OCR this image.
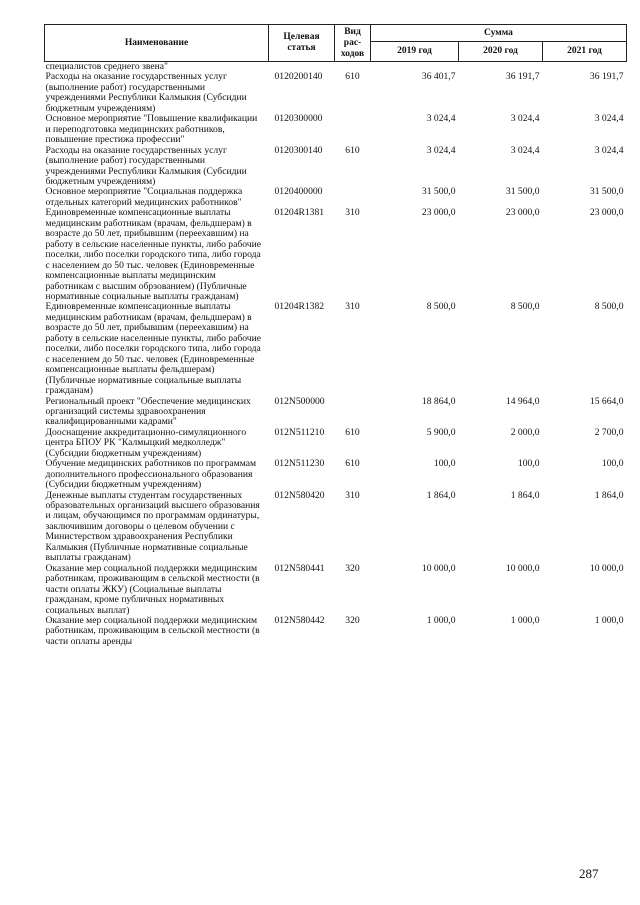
Наименование	Целевая статья	Вид рас-ходов	Сумма		
			2019 год	2020 год	2021 год
специалистов среднего звена"					
Расходы на оказание государственных услуг (выполнение работ) государственными учреждениями Республики Калмыкия (Субсидии бюджетным учреждениям)	0120200140	610	36 401,7	36 191,7	36 191,7
Основное мероприятие "Повышение квалификации и переподготовка медицинских работников, повышение престижа профессии"	0120300000		3 024,4	3 024,4	3 024,4
Расходы на оказание государственных услуг (выполнение работ) государственными учреждениями Республики Калмыкия (Субсидии бюджетным учреждениям)	0120300140	610	3 024,4	3 024,4	3 024,4
Основное мероприятие "Социальная поддержка отдельных категорий медицинских работников"	0120400000		31 500,0	31 500,0	31 500,0
Единовременные компенсационные выплаты медицинским работникам (врачам, фельдшерам) в возрасте до 50 лет, прибывшим (переехавшим) на работу в сельские населенные пункты, либо рабочие поселки, либо поселки городского типа, либо города с населением до 50 тыс. человек (Единовременные компенсационные выплаты медицинским работникам с высшим обрзованием) (Публичные нормативные социальные выплаты гражданам)	01204R1381	310	23 000,0	23 000,0	23 000,0
Единовременные компенсационные выплаты медицинским работникам (врачам, фельдшерам) в возрасте до 50 лет, прибывшим (переехавшим) на работу в сельские населенные пункты, либо рабочие поселки, либо поселки городского типа, либо города с населением до 50 тыс. человек (Единовременные компенсационные выплаты фельдшерам) (Публичные нормативные социальные выплаты гражданам)	01204R1382	310	8 500,0	8 500,0	8 500,0
Региональный проект "Обеспечение медицинских организаций системы здравоохранения квалифицированными кадрами"	012N500000		18 864,0	14 964,0	15 664,0
Дооснащение аккредитационно-симуляционного центра БПОУ РК "Калмыцкий медколледж" (Субсидии бюджетным учреждениям)	012N511210	610	5 900,0	2 000,0	2 700,0
Обучение медицинских работников по программам дополнительного профессионального образования (Субсидии бюджетным учреждениям)	012N511230	610	100,0	100,0	100,0
Денежные выплаты студентам государственных образовательных организаций высшего образования и лицам, обучающимся по программам ординатуры, заключившим договоры о целевом обучении с Министерством здравоохранения Республики Калмыкия (Публичные нормативные социальные выплаты гражданам)	012N580420	310	1 864,0	1 864,0	1 864,0
Оказание мер социальной поддержки медицинским работникам, проживающим в сельской местности (в части оплаты ЖКУ) (Социальные выплаты гражданам, кроме публичных нормативных социальных выплат)	012N580441	320	10 000,0	10 000,0	10 000,0
Оказание мер социальной поддержки медицинским работникам, проживающим в сельской местности (в части оплаты аренды	012N580442	320	1 000,0	1 000,0	1 000,0
287
